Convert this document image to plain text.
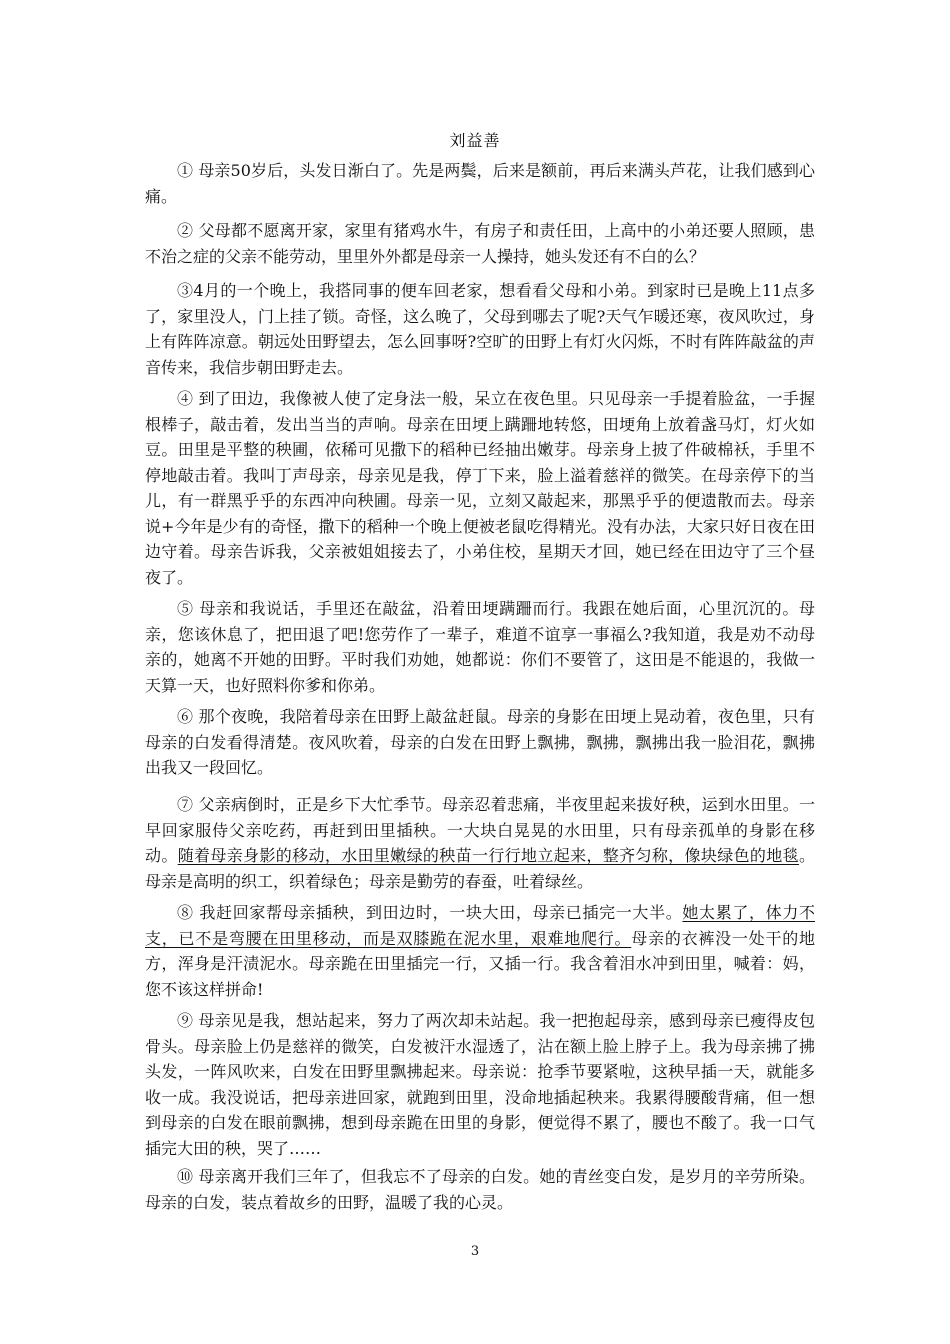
刘益善

① 母亲50岁后，头发日渐白了。先是两鬓，后来是额前，再后来满头芦花，让我们感到心痛。

② 父母都不愿离开家，家里有猪鸡水牛，有房子和责任田，上高中的小弟还要人照顾，患不治之症的父亲不能劳动，里里外外都是母亲一人操持，她头发还有不白的么？

③4月的一个晚上，我搭同事的便车回老家，想看看父母和小弟。到家时已是晚上11点多了，家里没人，门上挂了锁。奇怪，这么晚了，父母到哪去了呢?天气乍暖还寒，夜风吹过，身上有阵阵凉意。朝远处田野望去，怎么回事呀?空旷的田野上有灯火闪烁，不时有阵阵敲盆的声音传来，我信步朝田野走去。

④ 到了田边，我像被人使了定身法一般，呆立在夜色里。只见母亲一手提着脸盆，一手握根棒子，敲击着，发出当当的声响。母亲在田埂上蹒跚地转悠，田埂角上放着盏马灯，灯火如豆。田里是平整的秧圃，依稀可见撒下的稻种已经抽出嫩芽。母亲身上披了件破棉袄，手里不停地敲击着。我叫丁声母亲，母亲见是我，停丁下来，脸上溢着慈祥的微笑。在母亲停下的当儿，有一群黑乎乎的东西冲向秧圃。母亲一见，立刻又敲起来，那黑乎乎的便遗散而去。母亲说+今年是少有的奇怪，撒下的稻种一个晚上便被老鼠吃得精光。没有办法，大家只好日夜在田边守着。母亲告诉我，父亲被姐姐接去了，小弟住校，星期天才回，她已经在田边守了三个昼夜了。

⑤ 母亲和我说话，手里还在敲盆，沿着田埂蹒跚而行。我跟在她后面，心里沉沉的。母亲，您该休息了，把田退了吧!您劳作了一辈子，难道不谊享一事福么?我知道，我是劝不动母亲的，她离不开她的田野。平时我们劝她，她都说：你们不要管了，这田是不能退的，我做一天算一天，也好照料你爹和你弟。

⑥ 那个夜晚，我陪着母亲在田野上敲盆赶鼠。母亲的身影在田埂上晃动着，夜色里，只有母亲的白发看得清楚。夜风吹着，母亲的白发在田野上飘拂，飘拂，飘拂出我一脸泪花，飘拂出我又一段回忆。

⑦ 父亲病倒时，正是乡下大忙季节。母亲忍着悲痛，半夜里起来拔好秧，运到水田里。一早回家服侍父亲吃药，再赶到田里插秧。一大块白晃晃的水田里，只有母亲孤单的身影在移动。随着母亲身影的移动，水田里嫩绿的秧苗一行行地立起来，整齐匀称，像块绿色的地毯。母亲是高明的织工，织着绿色；母亲是勤劳的春蚕，吐着绿丝。

⑧ 我赶回家帮母亲插秧，到田边时，一块大田，母亲已插完一大半。她太累了，体力不支，已不是弯腰在田里移动，而是双膝跪在泥水里，艰难地爬行。母亲的衣裤没一处干的地方，浑身是汗渍泥水。母亲跪在田里插完一行，又插一行。我含着泪水冲到田里，喊着：妈，您不该这样拼命!

⑨ 母亲见是我，想站起来，努力了两次却未站起。我一把抱起母亲，感到母亲已瘦得皮包骨头。母亲脸上仍是慈祥的微笑，白发被汗水湿透了，沾在额上脸上脖子上。我为母亲拂了拂头发，一阵风吹来，白发在田野里飘拂起来。母亲说：抢季节要紧啦，这秧早插一天，就能多收一成。我没说话，把母亲进回家，就跑到田里，没命地插起秧来。我累得腰酸背痛，但一想到母亲的白发在眼前飘拂，想到母亲跪在田里的身影，便觉得不累了，腰也不酸了。我一口气插完大田的秧，哭了……

⑩ 母亲离开我们三年了，但我忘不了母亲的白发。她的青丝变白发，是岁月的辛劳所染。母亲的白发，装点着故乡的田野，温暖了我的心灵。

3
